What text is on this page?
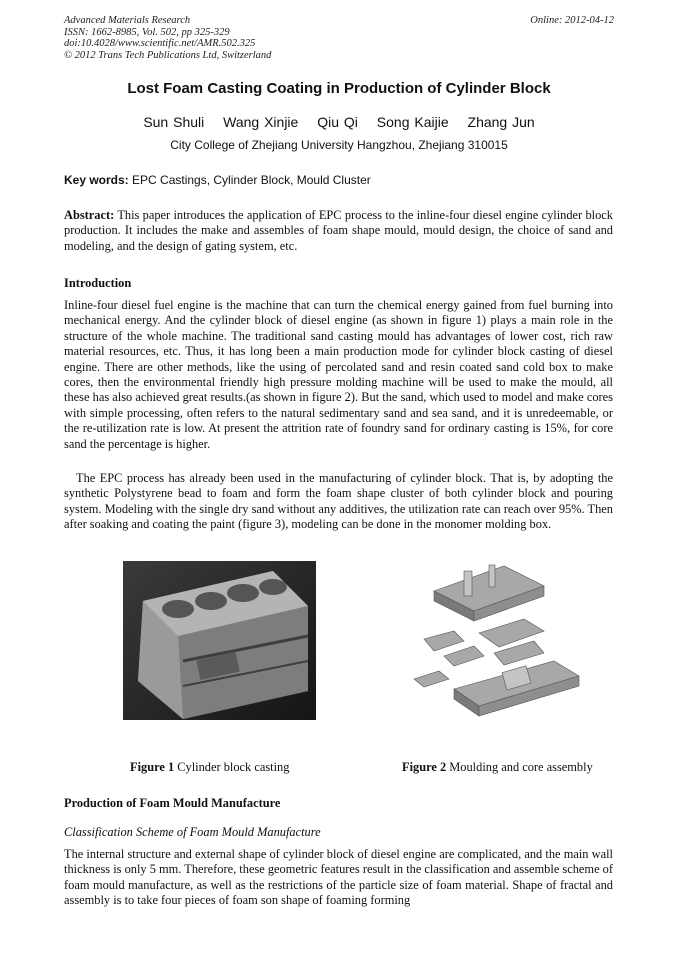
Advanced Materials Research
ISSN: 1662-8985, Vol. 502, pp 325-329
doi:10.4028/www.scientific.net/AMR.502.325
© 2012 Trans Tech Publications Ltd, Switzerland
Online: 2012-04-12
Lost Foam Casting Coating in Production of Cylinder Block
Sun Shuli Wang Xinjie Qiu Qi Song Kaijie Zhang Jun
City College of Zhejiang University Hangzhou, Zhejiang 310015
Key words: EPC Castings, Cylinder Block, Mould Cluster
Abstract: This paper introduces the application of EPC process to the inline-four diesel engine cylinder block production. It includes the make and assembles of foam shape mould, mould design, the choice of sand and modeling, and the design of gating system, etc.
Introduction
Inline-four diesel fuel engine is the machine that can turn the chemical energy gained from fuel burning into mechanical energy. And the cylinder block of diesel engine (as shown in figure 1) plays a main role in the structure of the whole machine. The traditional sand casting mould has advantages of lower cost, rich raw material resources, etc. Thus, it has long been a main production mode for cylinder block casting of diesel engine. There are other methods, like the using of percolated sand and resin coated sand cold box to make cores, then the environmental friendly high pressure molding machine will be used to make the mould, all these has also achieved great results.(as shown in figure 2). But the sand, which used to model and make cores with simple processing, often refers to the natural sedimentary sand and sea sand, and it is unredeemable, or the re-utilization rate is low. At present the attrition rate of foundry sand for ordinary casting is 15%, for core sand the percentage is higher.
The EPC process has already been used in the manufacturing of cylinder block. That is, by adopting the synthetic Polystyrene bead to foam and form the foam shape cluster of both cylinder block and pouring system. Modeling with the single dry sand without any additives, the utilization rate can reach over 95%. Then after soaking and coating the paint (figure 3), modeling can be done in the monomer molding box.
Figure 1 Cylinder block casting	Figure 2 Moulding and core assembly
Production of Foam Mould Manufacture
Classification Scheme of Foam Mould Manufacture
The internal structure and external shape of cylinder block of diesel engine are complicated, and the main wall thickness is only 5 mm. Therefore, these geometric features result in the classification and assemble scheme of foam mould manufacture, as well as the restrictions of the particle size of foam material. Shape of fractal and assembly is to take four pieces of foam son shape of foaming forming
